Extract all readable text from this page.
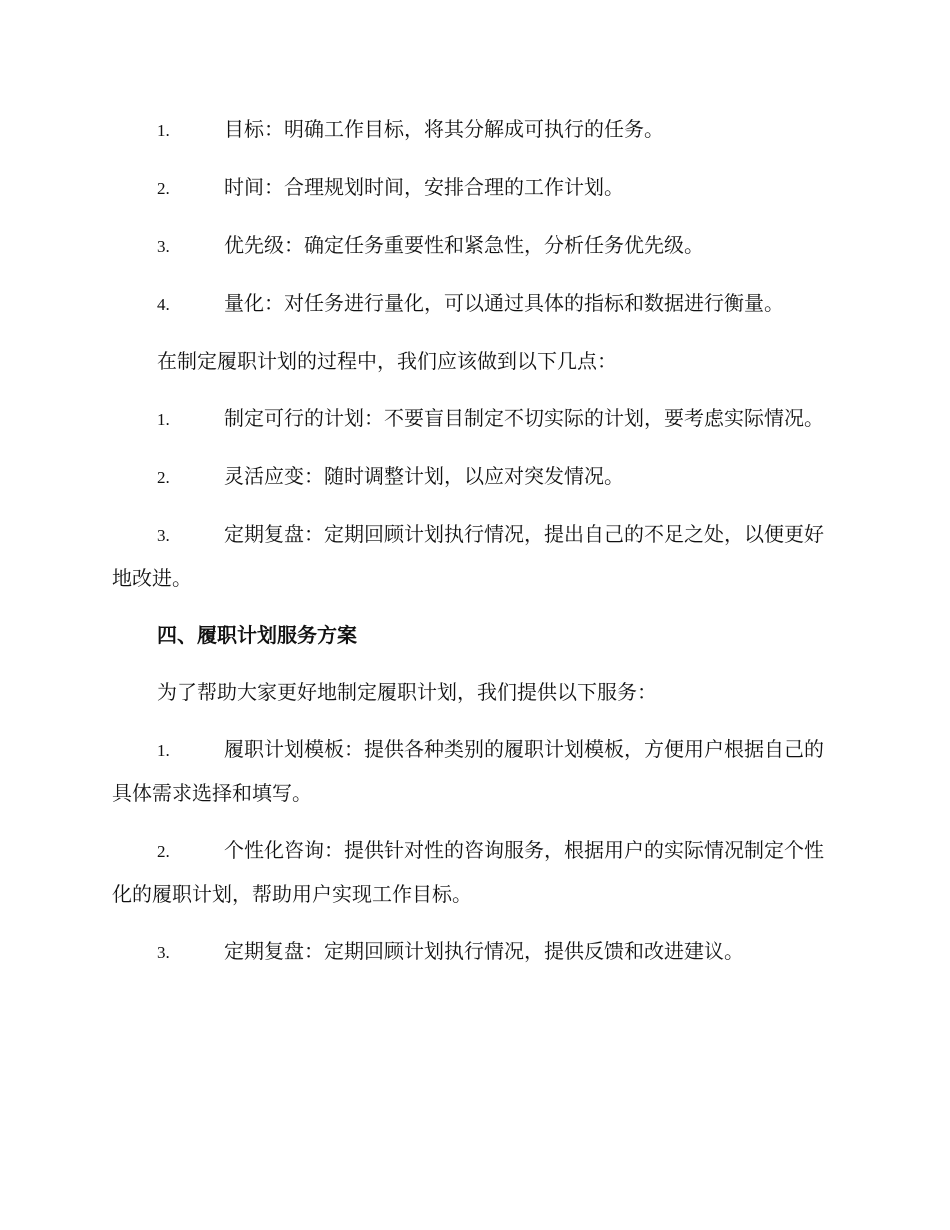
1.	目标：明确工作目标，将其分解成可执行的任务。

2.	时间：合理规划时间，安排合理的工作计划。

3.	优先级：确定任务重要性和紧急性，分析任务优先级。

4.	量化：对任务进行量化，可以通过具体的指标和数据进行衡量。

在制定履职计划的过程中，我们应该做到以下几点：

1.	制定可行的计划：不要盲目制定不切实际的计划，要考虑实际情况。

2.	灵活应变：随时调整计划，以应对突发情况。

3.	定期复盘：定期回顾计划执行情况，提出自己的不足之处，以便更好地改进。

四、履职计划服务方案

为了帮助大家更好地制定履职计划，我们提供以下服务：

1.	履职计划模板：提供各种类别的履职计划模板，方便用户根据自己的具体需求选择和填写。

2.	个性化咨询：提供针对性的咨询服务，根据用户的实际情况制定个性化的履职计划，帮助用户实现工作目标。

3.	定期复盘：定期回顾计划执行情况，提供反馈和改进建议。
